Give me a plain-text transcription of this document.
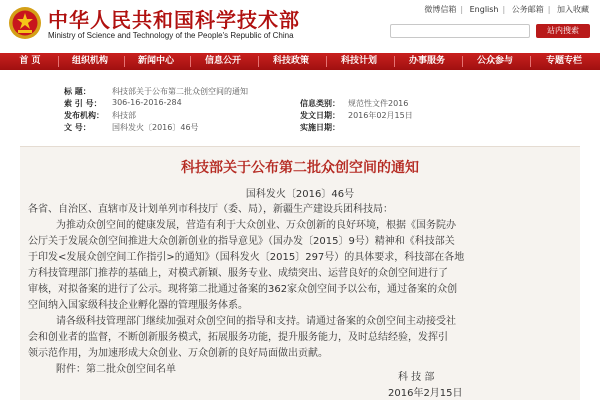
中华人民共和国科学技术部
Ministry of Science and Technology of the People's Republic of China
微博信箱 | English | 公务邮箱 | 加入收藏
站内搜索
首 页	组织机构	新闻中心	信息公开	科技政策	科技计划	办事服务	公众参与	专题专栏
标 题：	科技部关于公布第二批众创空间的通知
索 引 号： 306-16-2016-284	信息类别： 规范性文件2016
发布机构： 科技部	发文日期： 2016年02月15日
文 号：	国科发火〔2016〕46号	实施日期：
科技部关于公布第二批众创空间的通知
国科发火〔2016〕46号
各省、自治区、直辖市及计划单列市科技厅（委、局），新疆生产建设兵团科技局：
为推动众创空间的健康发展，营造有利于大众创业、万众创新的良好环境，根据《国务院办
公厅关于发展众创空间推进大众创新创业的指导意见》（国办发〔2015〕9号）精神和《科技部关
于印发<发展众创空间工作指引>的通知》（国科发火〔2015〕297号）的具体要求，科技部在各地
方科技管理部门推荐的基础上，对模式新颖、服务专业、成绩突出、运营良好的众创空间进行了
审核，对拟备案的进行了公示。现将第二批通过备案的362家众创空间予以公布，通过备案的众创
空间纳入国家级科技企业孵化器的管理服务体系。
请各级科技管理部门继续加强对众创空间的指导和支持。请通过备案的众创空间主动接受社
会和创业者的监督，不断创新服务模式，拓展服务功能，提升服务能力，及时总结经验，发挥引
领示范作用，为加速形成大众创业、万众创新的良好局面做出贡献。
附件：第二批众创空间名单
科 技 部
2016年2月15日
